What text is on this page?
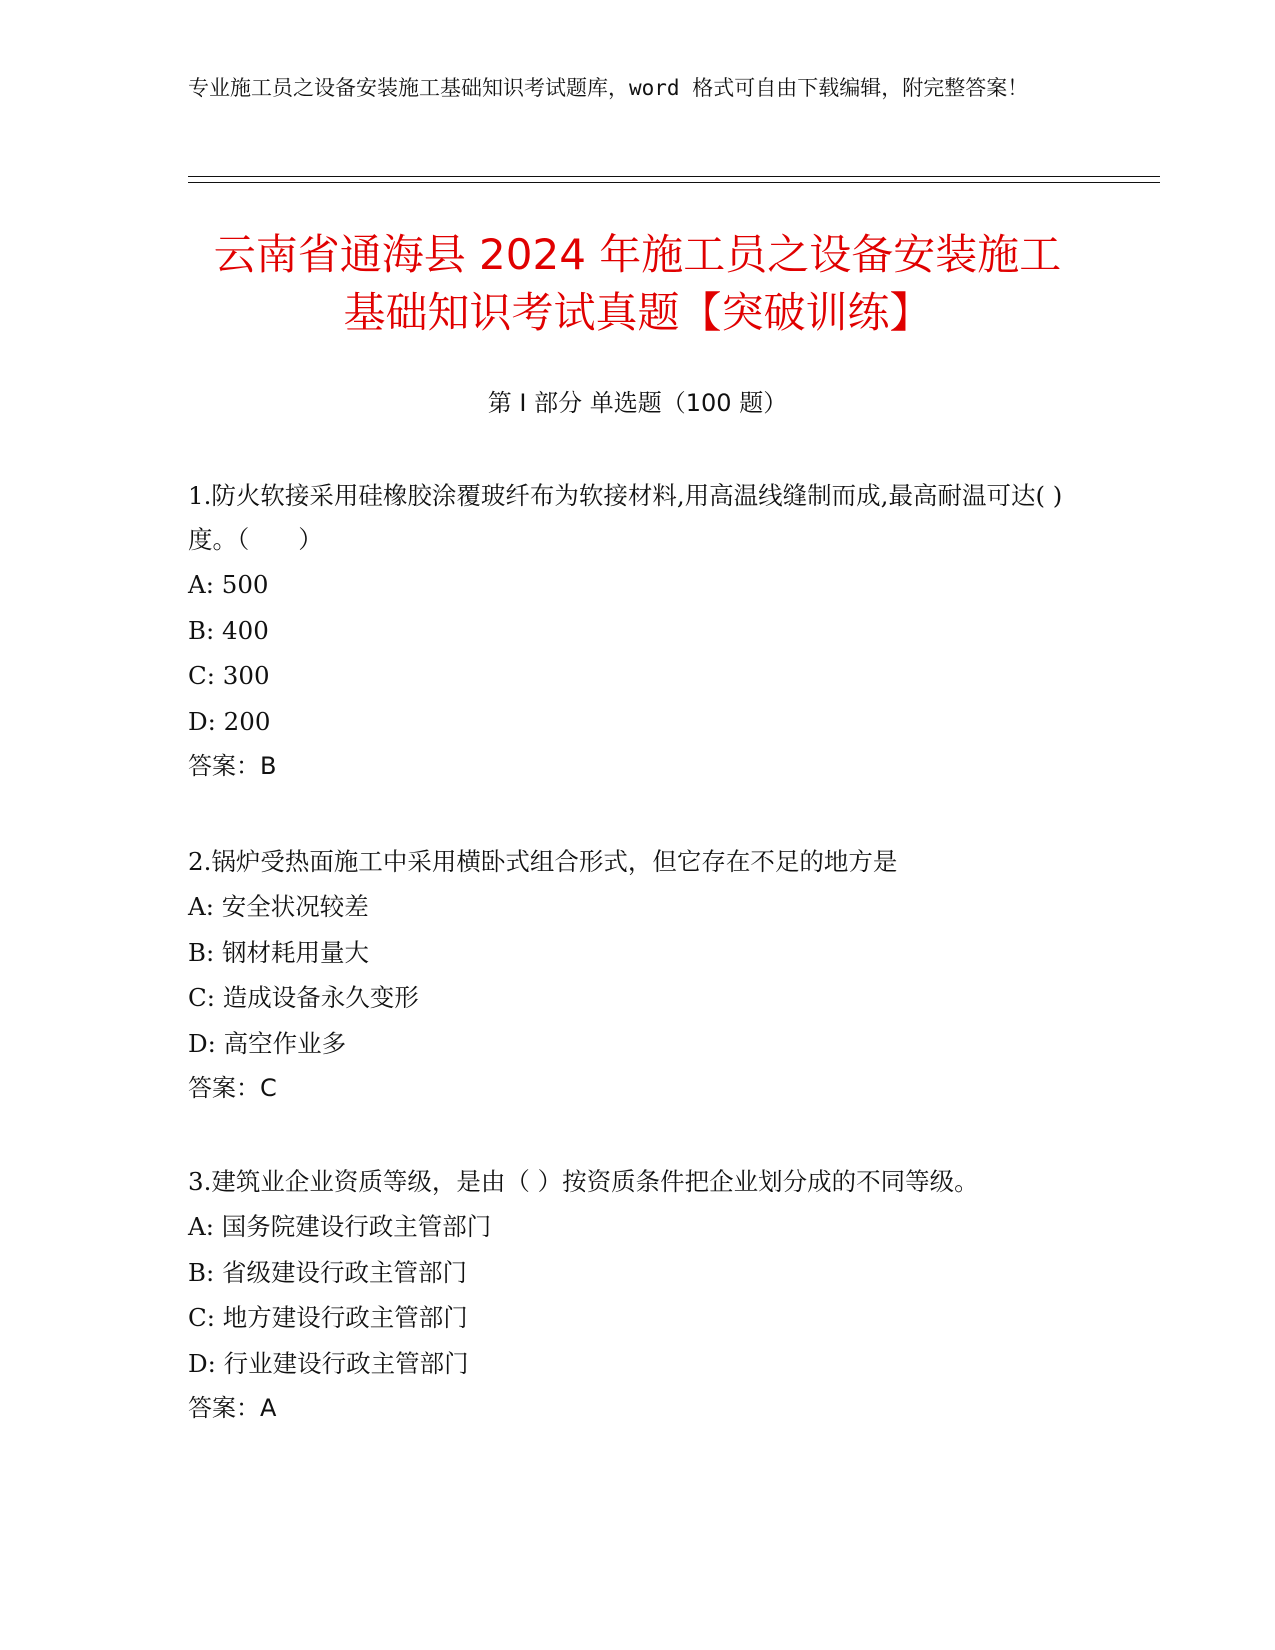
专业施工员之设备安装施工基础知识考试题库，word 格式可自由下载编辑，附完整答案！
云南省通海县 2024 年施工员之设备安装施工
基础知识考试真题【突破训练】
第 I 部分 单选题（100 题）
1.防火软接采用硅橡胶涂覆玻纤布为软接材料,用高温线缝制而成,最高耐温可达( )度。（　　）
A: 500
B: 400
C: 300
D: 200
答案：B
2.锅炉受热面施工中采用横卧式组合形式，但它存在不足的地方是
A: 安全状况较差
B: 钢材耗用量大
C: 造成设备永久变形
D: 高空作业多
答案：C
3.建筑业企业资质等级，是由（ ）按资质条件把企业划分成的不同等级。
A: 国务院建设行政主管部门
B: 省级建设行政主管部门
C: 地方建设行政主管部门
D: 行业建设行政主管部门
答案：A
